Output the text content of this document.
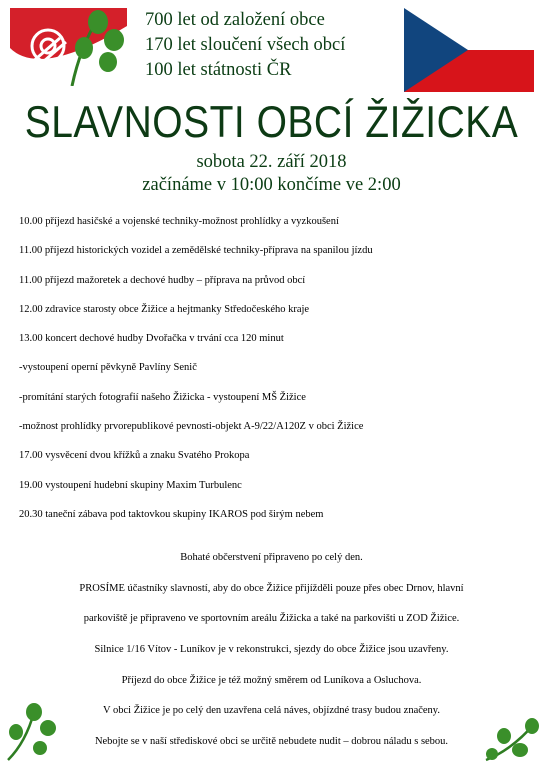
700 let od založení obce
170 let sloučení všech obcí
100 let státnosti ČR
SLAVNOSTI OBCÍ ŽIŽICKA
sobota 22. září 2018
začínáme v 10:00 končíme ve 2:00
10.00 příjezd hasičské a vojenské techniky-možnost prohlídky a vyzkoušení
11.00 příjezd historických vozidel a zemědělské techniky-příprava na spanilou jízdu
11.00 příjezd mažoretek a dechové hudby – příprava na průvod obcí
12.00 zdravice starosty obce Žižice a hejtmanky Středočeského kraje
13.00 koncert dechové hudby Dvořačka v trvání cca 120 minut
-vystoupení operní pěvkyně Pavlíny Senič
-promítání starých fotografií našeho Žižicka - vystoupení MŠ Žižice
-možnost prohlídky prvorepublikové pevnosti-objekt A-9/22/A120Z v obci Žižice
17.00 vysvěcení dvou křížků a znaku Svatého Prokopa
19.00 vystoupení hudební skupiny Maxim Turbulenc
20.30 taneční zábava pod taktovkou skupiny IKAROS pod širým nebem
Bohaté občerstvení připraveno po celý den.
PROSÍME účastníky slavností, aby do obce Žižice přijížděli pouze přes obec Drnov, hlavní
parkoviště je připraveno ve sportovním areálu Žižicka a také na parkovišti u ZOD Žižice.
Silnice 1/16 Vítov - Luníkov je v rekonstrukci, sjezdy do obce Žižice jsou uzavřeny.
Příjezd do obce Žižice je též možný směrem od Luníkova a Osluchova.
V obci Žižice je po celý den uzavřena celá náves, objízdné trasy budou značeny.
Nebojte se v naší střediskové obci se určitě nebudete nudit – dobrou náladu s sebou.
